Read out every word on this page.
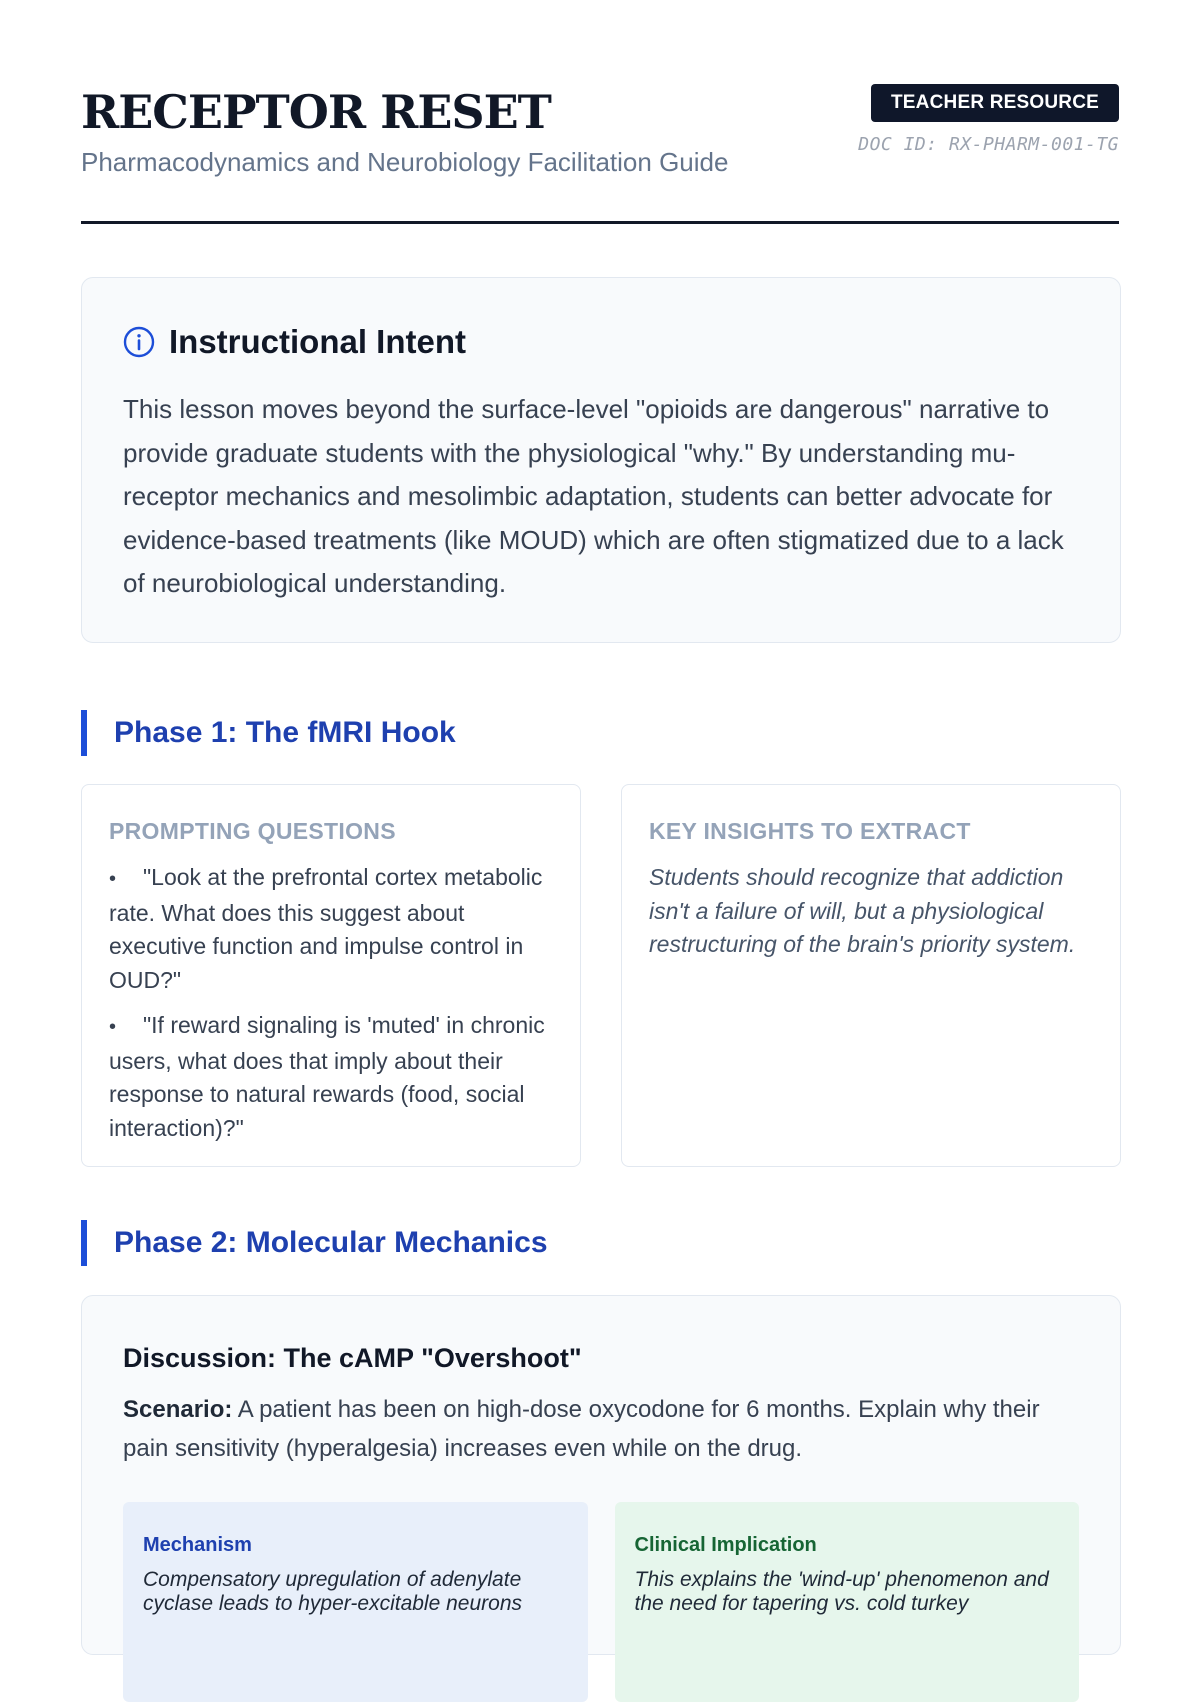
RECEPTOR RESET
Pharmacodynamics and Neurobiology Facilitation Guide
TEACHER RESOURCE
DOC ID: RX-PHARM-001-TG
Instructional Intent

This lesson moves beyond the surface-level "opioids are dangerous" narrative to provide graduate students with the physiological "why." By understanding mu-receptor mechanics and mesolimbic adaptation, students can better advocate for evidence-based treatments (like MOUD) which are often stigmatized due to a lack of neurobiological understanding.

Phase 1: The fMRI Hook
PROMPTING QUESTIONS
• "Look at the prefrontal cortex metabolic rate. What does this suggest about executive function and impulse control in OUD?"
• "If reward signaling is 'muted' in chronic users, what does that imply about their response to natural rewards (food, social interaction)?"
KEY INSIGHTS TO EXTRACT

Students should recognize that addiction isn't a failure of will, but a physiological restructuring of the brain's priority system.

Phase 2: Molecular Mechanics
Discussion: The cAMP "Overshoot"

Scenario: A patient has been on high-dose oxycodone for 6 months. Explain why their pain sensitivity (hyperalgesia) increases even while on the drug.

Mechanism

Compensatory upregulation of adenylate cyclase leads to hyper-excitable neurons

Clinical Implication

This explains the 'wind-up' phenomenon and the need for tapering vs. cold turkey
